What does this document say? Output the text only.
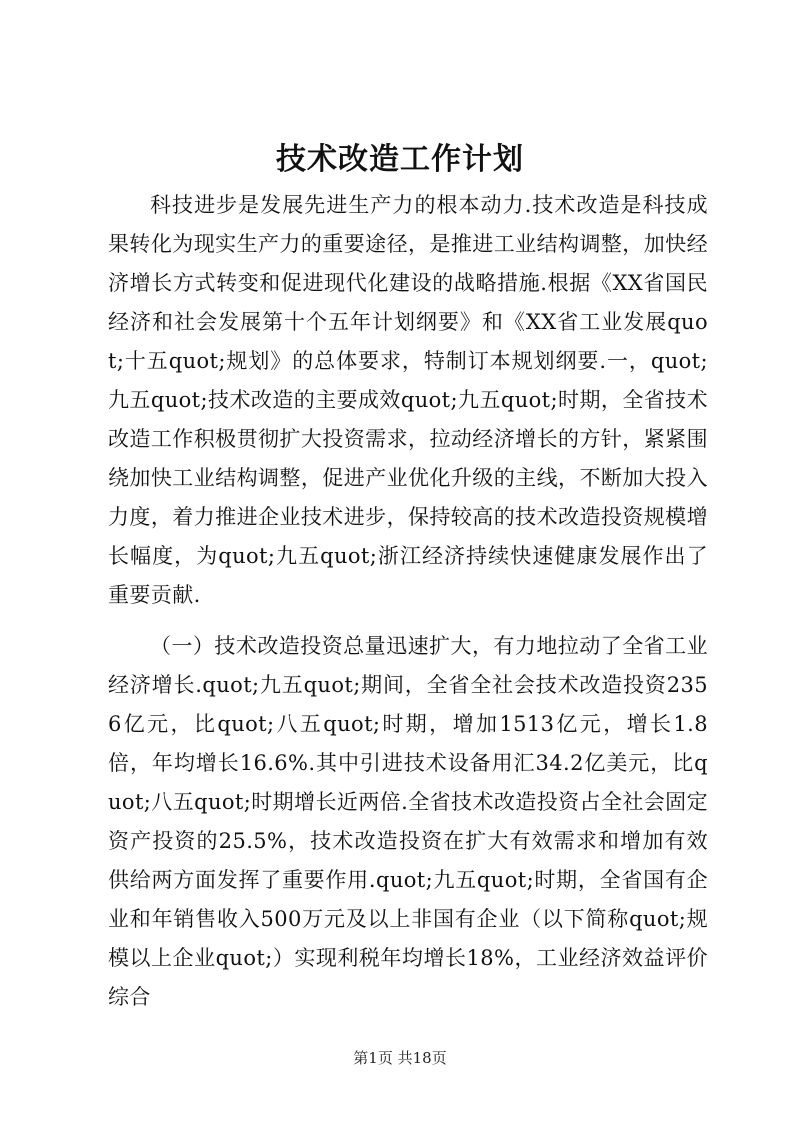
技术改造工作计划

科技进步是发展先进生产力的根本动力.技术改造是科技成果转化为现实生产力的重要途径，是推进工业结构调整，加快经济增长方式转变和促进现代化建设的战略措施.根据《XX省国民经济和社会发展第十个五年计划纲要》和《XX省工业发展quot;十五quot;规划》的总体要求，特制订本规划纲要.一，quot;九五quot;技术改造的主要成效quot;九五quot;时期，全省技术改造工作积极贯彻扩大投资需求，拉动经济增长的方针，紧紧围绕加快工业结构调整，促进产业优化升级的主线，不断加大投入力度，着力推进企业技术进步，保持较高的技术改造投资规模增长幅度，为quot;九五quot;浙江经济持续快速健康发展作出了重要贡献.

（一）技术改造投资总量迅速扩大，有力地拉动了全省工业经济增长.quot;九五quot;期间，全省全社会技术改造投资2356亿元，比quot;八五quot;时期，增加1513亿元，增长1.8倍，年均增长16.6%.其中引进技术设备用汇34.2亿美元，比quot;八五quot;时期增长近两倍.全省技术改造投资占全社会固定资产投资的25.5%，技术改造投资在扩大有效需求和增加有效供给两方面发挥了重要作用.quot;九五quot;时期，全省国有企业和年销售收入500万元及以上非国有企业（以下简称quot;规模以上企业quot;）实现利税年均增长18%，工业经济效益评价综合

第1页 共18页
